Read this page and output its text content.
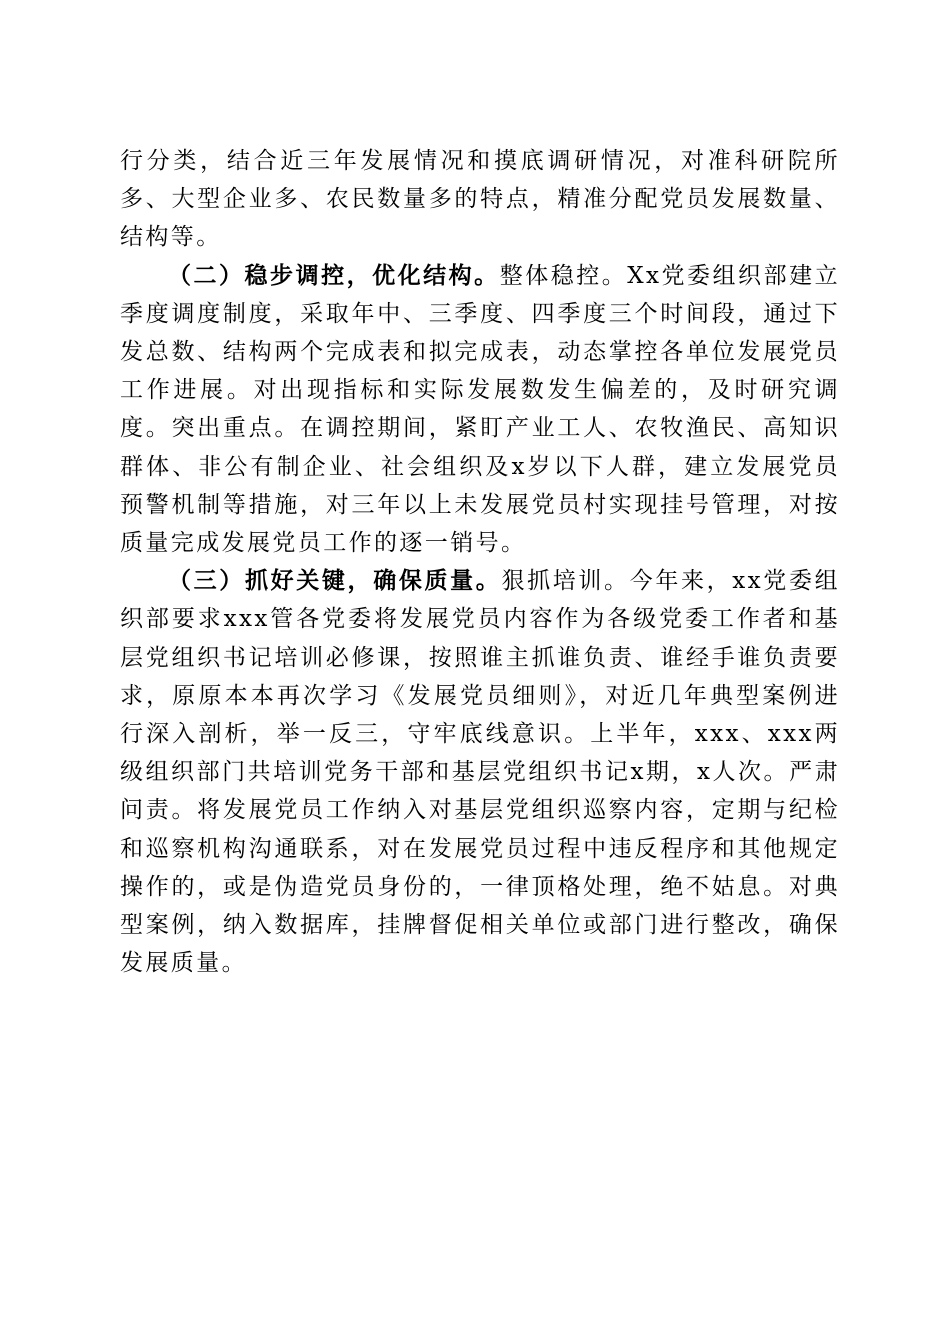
行分类，结合近三年发展情况和摸底调研情况，对准科研院所多、大型企业多、农民数量多的特点，精准分配党员发展数量、结构等。

（二）稳步调控，优化结构。整体稳控。Xx党委组织部建立季度调度制度，采取年中、三季度、四季度三个时间段，通过下发总数、结构两个完成表和拟完成表，动态掌控各单位发展党员工作进展。对出现指标和实际发展数发生偏差的，及时研究调度。突出重点。在调控期间，紧盯产业工人、农牧渔民、高知识群体、非公有制企业、社会组织及x岁以下人群，建立发展党员预警机制等措施，对三年以上未发展党员村实现挂号管理，对按质量完成发展党员工作的逐一销号。

（三）抓好关键，确保质量。狠抓培训。今年来，xx党委组织部要求xxx管各党委将发展党员内容作为各级党委工作者和基层党组织书记培训必修课，按照谁主抓谁负责、谁经手谁负责要求，原原本本再次学习《发展党员细则》，对近几年典型案例进行深入剖析，举一反三，守牢底线意识。上半年，xxx、xxx两级组织部门共培训党务干部和基层党组织书记x期，x人次。严肃问责。将发展党员工作纳入对基层党组织巡察内容，定期与纪检和巡察机构沟通联系，对在发展党员过程中违反程序和其他规定操作的，或是伪造党员身份的，一律顶格处理，绝不姑息。对典型案例，纳入数据库，挂牌督促相关单位或部门进行整改，确保发展质量。
